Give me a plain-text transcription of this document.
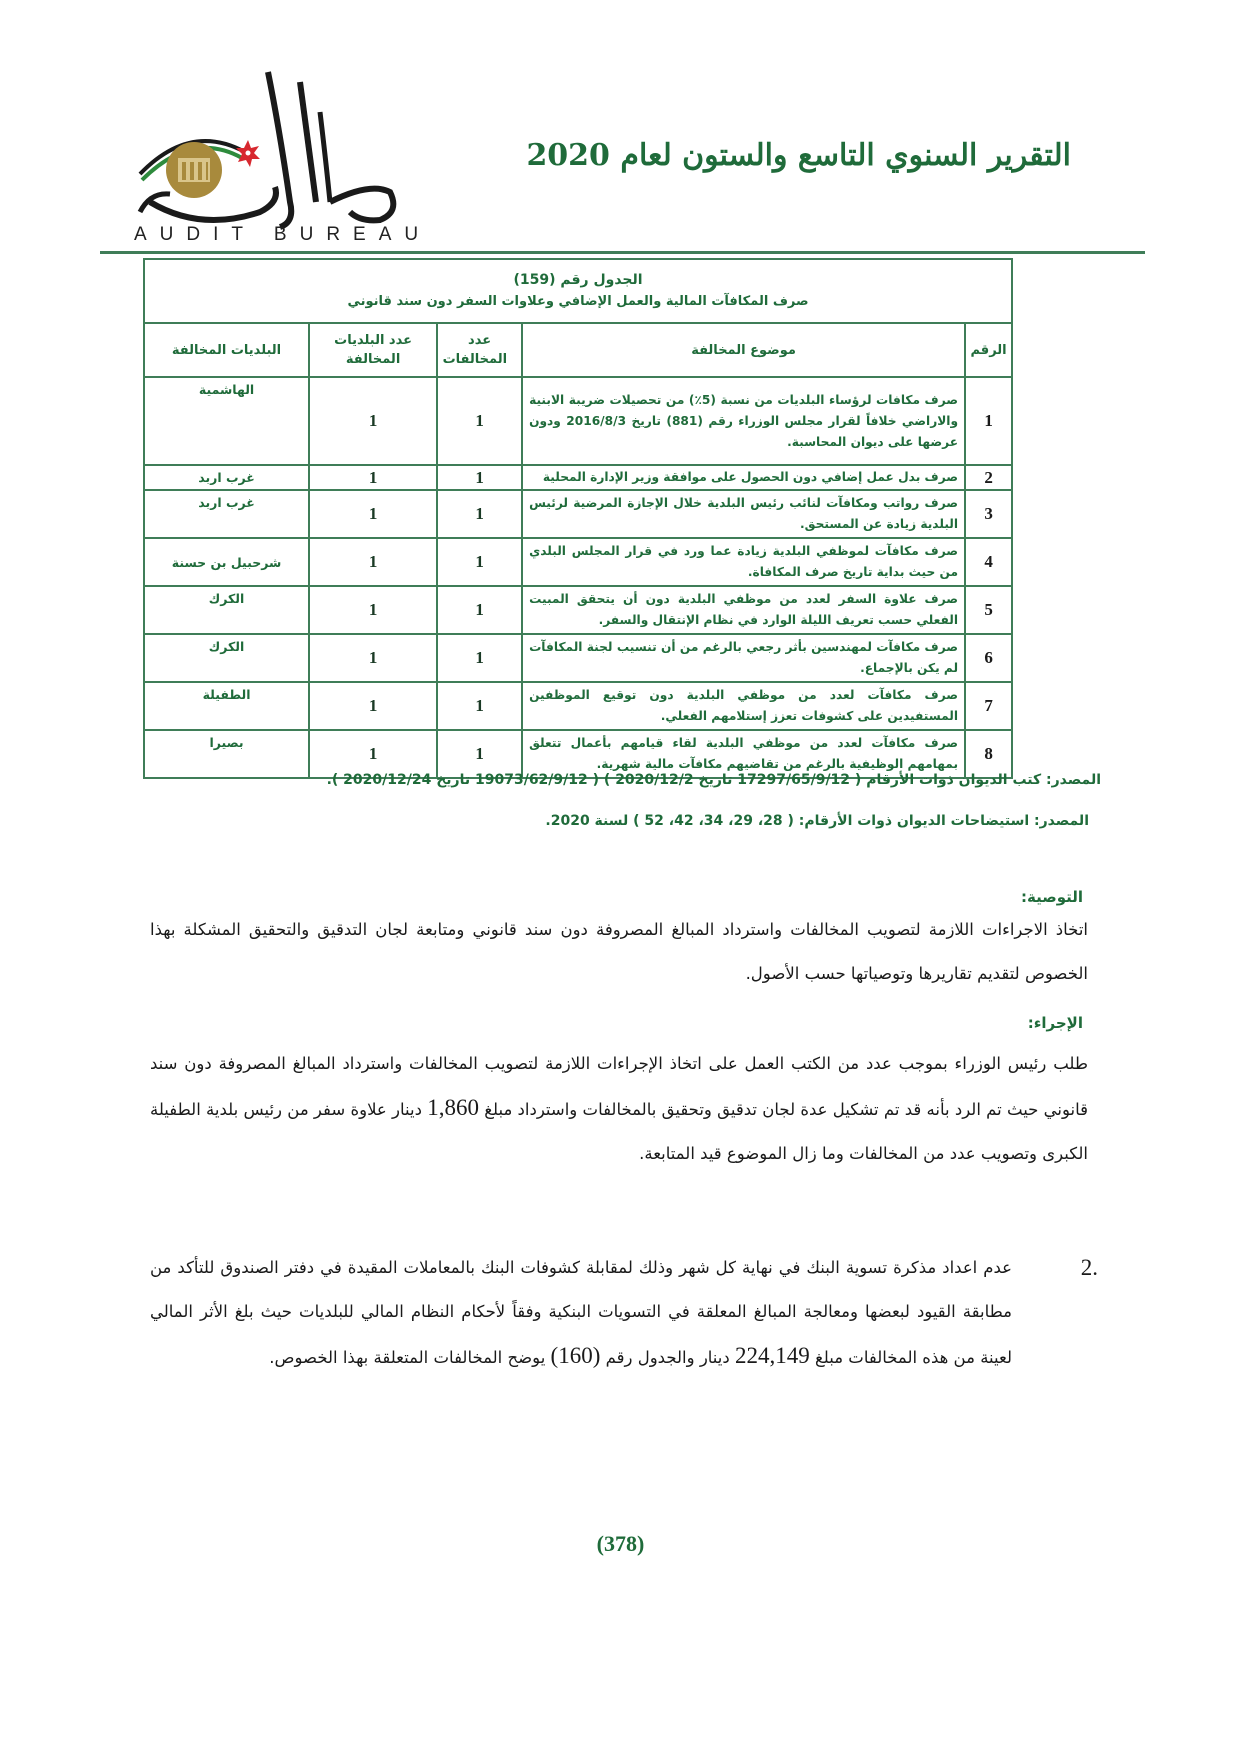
AUDIT BUREAU
التقرير السنوي التاسع والستون لعام 2020
الجدول رقم (159)
صرف المكافآت المالية والعمل الإضافي وعلاوات السفر دون سند قانوني				

الرقم	موضوع المخالفة	عدد المخالفات	عدد البلديات المخالفة	البلديات المخالفة
1	صرف مكافات لرؤساء البلديات من نسبة (5٪) من تحصيلات ضريبة الابنية والاراضي خلافاً لقرار مجلس الوزراء رقم (881) تاريخ 2016/8/3 ودون عرضها على ديوان المحاسبة.	1	1	الهاشمية
2	صرف بدل عمل إضافي دون الحصول على موافقة وزير الإدارة المحلية	1	1	غرب اربد
3	صرف رواتب ومكافآت لنائب رئيس البلدية خلال الإجازة المرضية لرئيس البلدية زيادة عن المستحق.	1	1	غرب اربد
4	صرف مكافآت لموظفي البلدية زيادة عما ورد في قرار المجلس البلدي من حيث بداية تاريخ صرف المكافاة.	1	1	شرحبيل بن حسنة
5	صرف علاوة السفر لعدد من موظفي البلدية دون أن يتحقق المبيت الفعلي حسب تعريف الليلة الوارد في نظام الإنتقال والسفر.	1	1	الكرك
6	صرف مكافآت لمهندسين بأثر رجعي بالرغم من أن تنسيب لجنة المكافآت لم يكن بالإجماع.	1	1	الكرك
7	صرف مكافآت لعدد من موظفي البلدية دون توقيع الموظفين المستفيدين على كشوفات تعزز إستلامهم الفعلي.	1	1	الطفيلة
8	صرف مكافآت لعدد من موظفي البلدية لقاء قيامهم بأعمال تتعلق بمهامهم الوظيفية بالرغم من تقاضيهم مكافآت مالية شهرية.	1	1	بصيرا
المصدر: كتب الديوان ذوات الأرقام ( 17297/65/9/12 تاريخ 2020/12/2 ) ( 19073/62/9/12 تاريخ 2020/12/24 ).
المصدر: استيضاحات الديوان ذوات الأرقام: ( 28، 29، 34، 42، 52 ) لسنة 2020.
التوصية:
اتخاذ الاجراءات اللازمة لتصويب المخالفات واسترداد المبالغ المصروفة دون سند قانوني ومتابعة لجان التدقيق والتحقيق المشكلة بهذا الخصوص لتقديم تقاريرها وتوصياتها حسب الأصول.
الإجراء:
طلب رئيس الوزراء بموجب عدد من الكتب العمل على اتخاذ الإجراءات اللازمة لتصويب المخالفات واسترداد المبالغ المصروفة دون سند قانوني حيث تم الرد بأنه قد تم تشكيل عدة لجان تدقيق وتحقيق بالمخالفات واسترداد مبلغ 1,860 دينار علاوة سفر من رئيس بلدية الطفيلة الكبرى وتصويب عدد من المخالفات وما زال الموضوع قيد المتابعة.
2.
عدم اعداد مذكرة تسوية البنك في نهاية كل شهر وذلك لمقابلة كشوفات البنك بالمعاملات المقيدة في دفتر الصندوق للتأكد من مطابقة القيود لبعضها ومعالجة المبالغ المعلقة في التسويات البنكية وفقاً لأحكام النظام المالي للبلديات حيث بلغ الأثر المالي لعينة من هذه المخالفات مبلغ 224,149 دينار والجدول رقم (160) يوضح المخالفات المتعلقة بهذا الخصوص.
(378)
